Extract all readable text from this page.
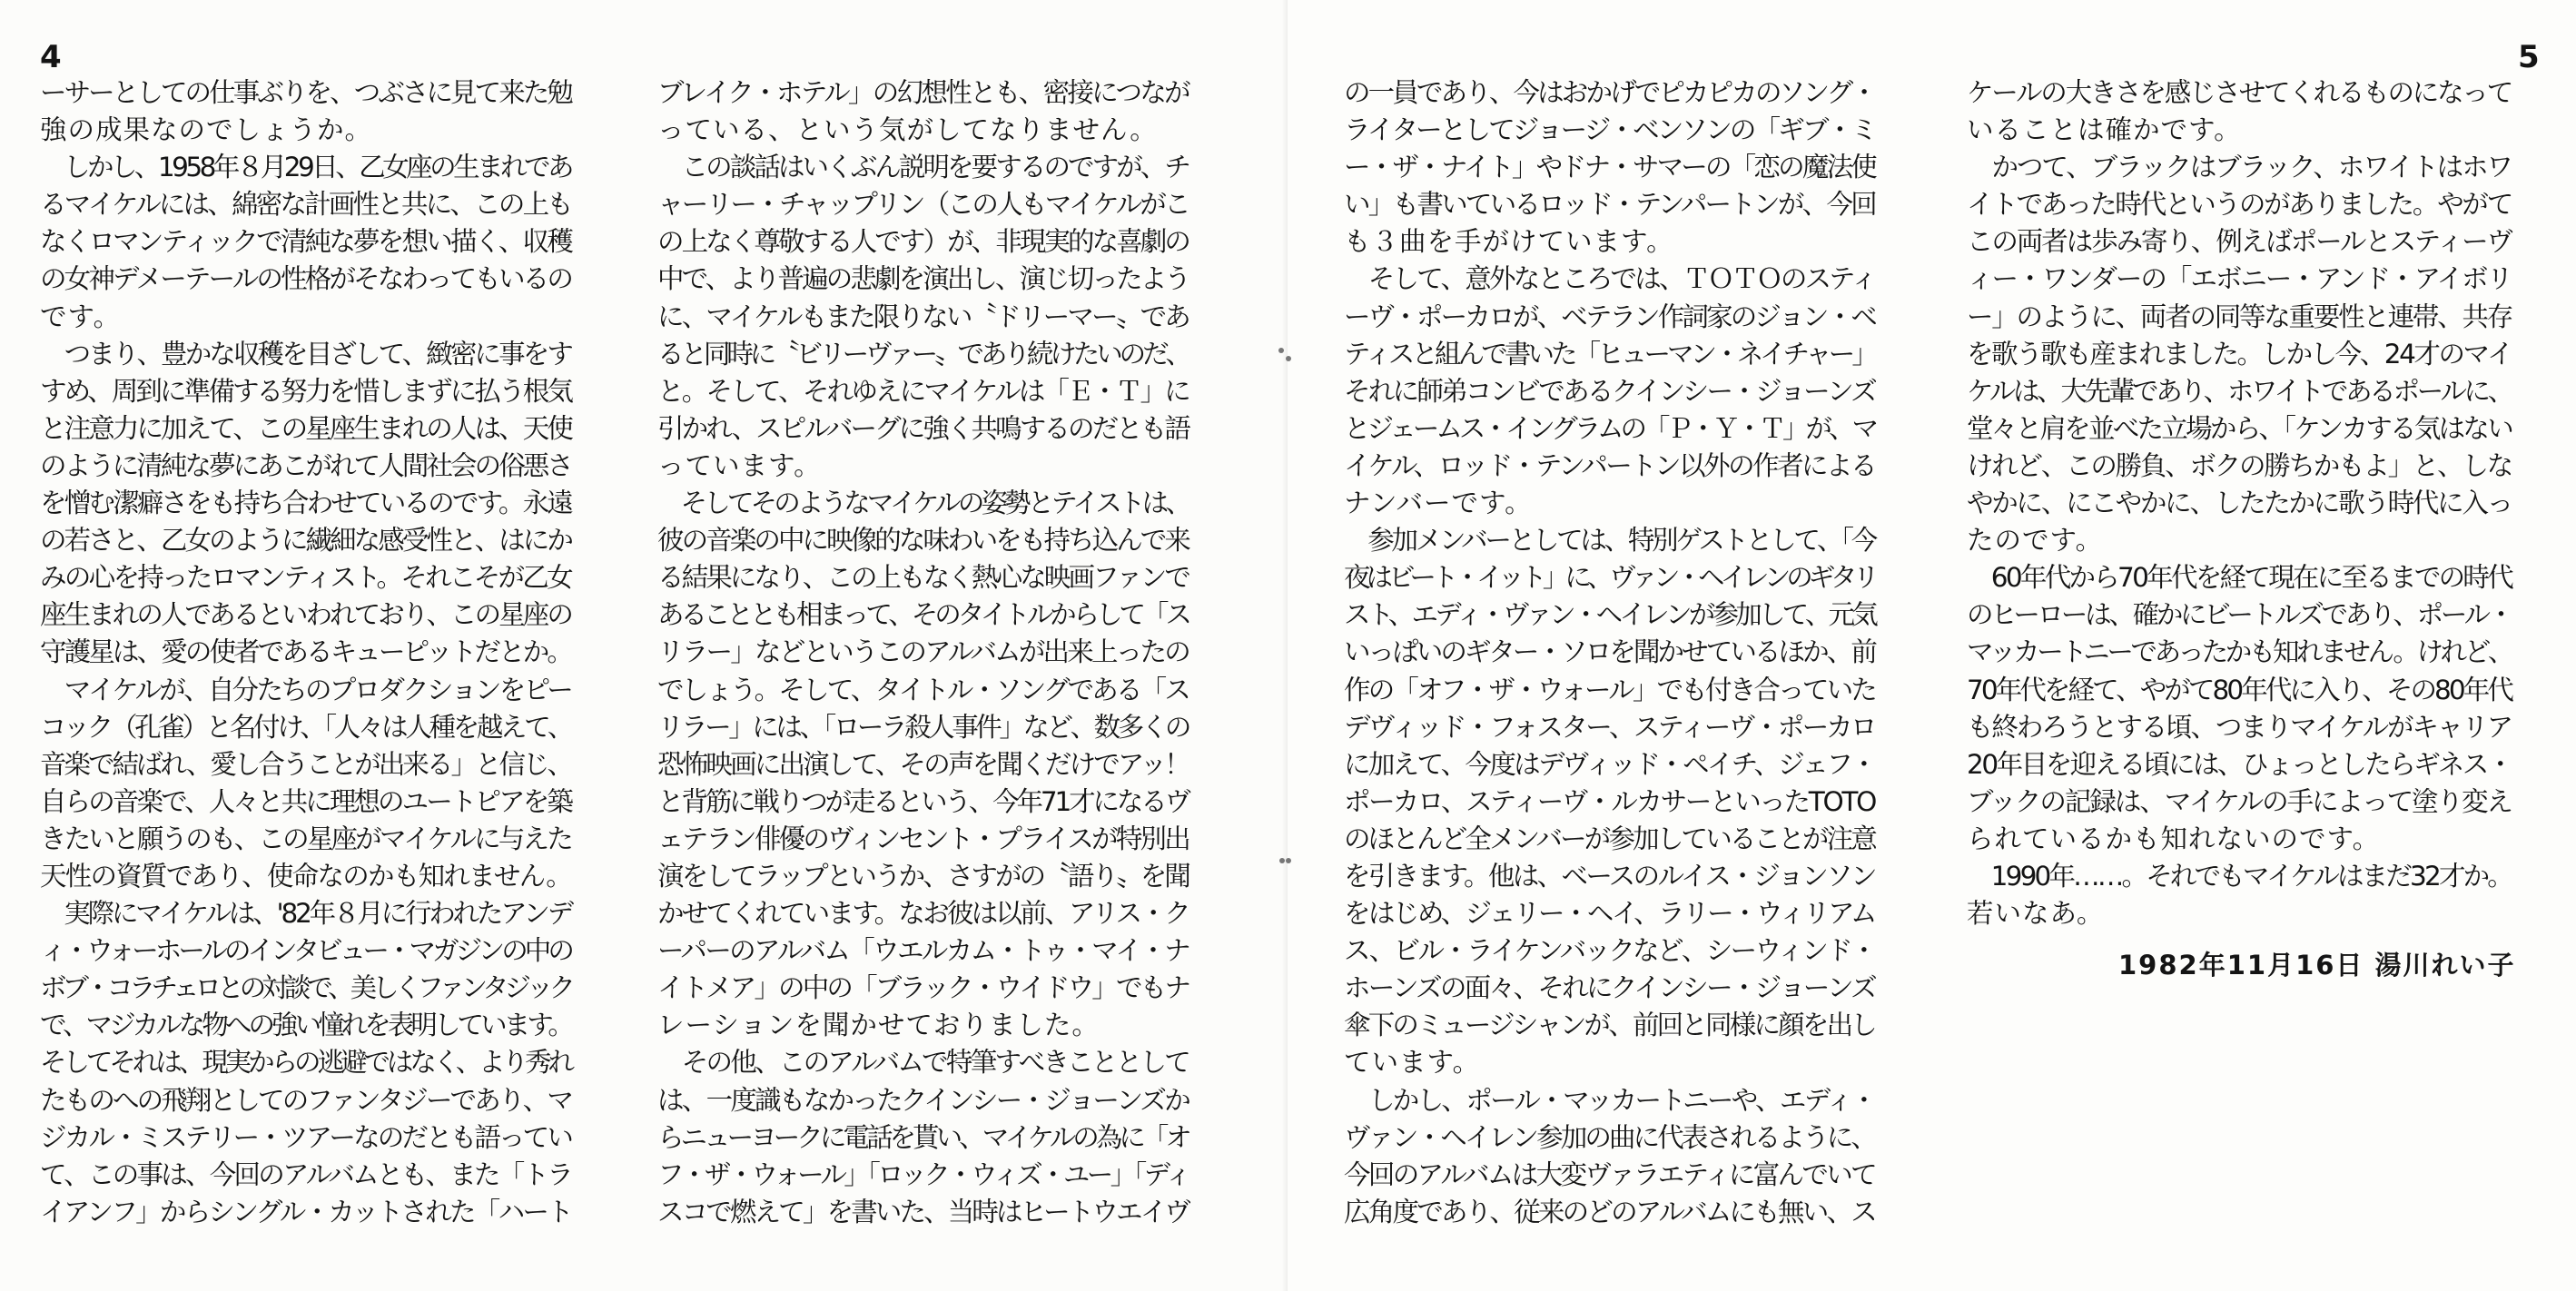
4
ーサーとしての仕事ぶりを、つぶさに見て来た勉
強の成果なのでしょうか。
　しかし、1958年８月29日、乙女座の生まれであ
るマイケルには、綿密な計画性と共に、この上も
なくロマンティックで清純な夢を想い描く、収穫
の女神デメーテールの性格がそなわってもいるの
です。
　つまり、豊かな収穫を目ざして、緻密に事をす
すめ、周到に準備する努力を惜しまずに払う根気
と注意力に加えて、この星座生まれの人は、天使
のように清純な夢にあこがれて人間社会の俗悪さ
を憎む潔癖さをも持ち合わせているのです。永遠
の若さと、乙女のように繊細な感受性と、はにか
みの心を持ったロマンティスト。それこそが乙女
座生まれの人であるといわれており、この星座の
守護星は、愛の使者であるキューピットだとか。
　マイケルが、自分たちのプロダクションをピー
コック（孔雀）と名付け、｢人々は人種を越えて、
音楽で結ばれ、愛し合うことが出来る」と信じ、
自らの音楽で、人々と共に理想のユートピアを築
きたいと願うのも、この星座がマイケルに与えた
天性の資質であり、使命なのかも知れません。
　実際にマイケルは、'82年８月に行われたアンデ
ィ・ウォーホールのインタビュー・マガジンの中の
ボブ・コラチェロとの対談で、美しくファンタジック
で、マジカルな物への強い憧れを表明しています。
そしてそれは、現実からの逃避ではなく、より秀れ
たものへの飛翔としてのファンタジーであり、マ
ジカル・ミステリー・ツアーなのだとも語ってい
て、この事は、今回のアルバムとも、また「トラ
イアンフ」からシングル・カットされた「ハート
ブレイク・ホテル」の幻想性とも、密接につなが
っている、という気がしてなりません。
　この談話はいくぶん説明を要するのですが、チ
ャーリー・チャップリン（この人もマイケルがこ
の上なく尊敬する人です）が、非現実的な喜劇の
中で、より普遍の悲劇を演出し、演じ切ったよう
に、マイケルもまた限りない〝ドリーマー〟であ
ると同時に〝ビリーヴァー〟であり続けたいのだ、
と。そして、それゆえにマイケルは「Ｅ・Ｔ」に
引かれ、スピルバーグに強く共鳴するのだとも語
っています。
　そしてそのようなマイケルの姿勢とテイストは、
彼の音楽の中に映像的な味わいをも持ち込んで来
る結果になり、この上もなく熱心な映画ファンで
あることとも相まって、そのタイトルからして「ス
リラー」などというこのアルバムが出来上ったの
でしょう。そして、タイトル・ソングである「ス
リラー」には、「ローラ殺人事件」など、数多くの
恐怖映画に出演して、その声を聞くだけでアッ！
と背筋に戦りつが走るという、今年71才になるヴ
ェテラン俳優のヴィンセント・プライスが特別出
演をしてラップというか、さすがの〝語り〟を聞
かせてくれています。なお彼は以前、アリス・ク
ーパーのアルバム「ウエルカム・トゥ・マイ・ナ
イトメア」の中の「ブラック・ウイドウ」でもナ
レーションを聞かせておりました。
　その他、このアルバムで特筆すべきこととして
は、一度識もなかったクインシー・ジョーンズか
らニューヨークに電話を貰い、マイケルの為に「オ
フ・ザ・ウォール」「ロック・ウィズ・ユー」「ディ
スコで燃えて」を書いた、当時はヒートウエイヴ
5
の一員であり、今はおかげでピカピカのソング・
ライターとしてジョージ・ベンソンの「ギブ・ミ
ー・ザ・ナイト」やドナ・サマーの「恋の魔法使
い」も書いているロッド・テンパートンが、今回
も３曲を手がけています。
　そして、意外なところでは、ＴＯＴＯのスティ
ーヴ・ポーカロが、ベテラン作詞家のジョン・ベ
ティスと組んで書いた「ヒューマン・ネイチャー」
それに師弟コンビであるクインシー・ジョーンズ
とジェームス・イングラムの「Ｐ・Ｙ・Ｔ」が、マ
イケル、ロッド・テンパートン以外の作者による
ナンバーです。
　参加メンバーとしては、特別ゲストとして、「今
夜はビート・イット」に、ヴァン・ヘイレンのギタリ
スト、エディ・ヴァン・ヘイレンが参加して、元気
いっぱいのギター・ソロを聞かせているほか、前
作の「オフ・ザ・ウォール」でも付き合っていた
デヴィッド・フォスター、スティーヴ・ポーカロ
に加えて、今度はデヴィッド・ペイチ、ジェフ・
ポーカロ、スティーヴ・ルカサーといったTOTO
のほとんど全メンバーが参加していることが注意
を引きます。他は、ベースのルイス・ジョンソン
をはじめ、ジェリー・ヘイ、ラリー・ウィリアム
ス、ビル・ライケンバックなど、シーウィンド・
ホーンズの面々、それにクインシー・ジョーンズ
傘下のミュージシャンが、前回と同様に顔を出し
ています。
　しかし、ポール・マッカートニーや、エディ・
ヴァン・ヘイレン参加の曲に代表されるように、
今回のアルバムは大変ヴァラエティに富んでいて
広角度であり、従来のどのアルバムにも無い、ス
ケールの大きさを感じさせてくれるものになって
いることは確かです。
　かつて、ブラックはブラック、ホワイトはホワ
イトであった時代というのがありました。やがて
この両者は歩み寄り、例えばポールとスティーヴ
ィー・ワンダーの「エボニー・アンド・アイボリ
ー」のように、両者の同等な重要性と連帯、共存
を歌う歌も産まれました。しかし今、24才のマイ
ケルは、大先輩であり、ホワイトであるポールに、
堂々と肩を並べた立場から、「ケンカする気はない
けれど、この勝負、ボクの勝ちかもよ」と、しな
やかに、にこやかに、したたかに歌う時代に入っ
たのです。
　60年代から70年代を経て現在に至るまでの時代
のヒーローは、確かにビートルズであり、ポール・
マッカートニーであったかも知れません。けれど、
70年代を経て、やがて80年代に入り、その80年代
も終わろうとする頃、つまりマイケルがキャリア
20年目を迎える頃には、ひょっとしたらギネス・
ブックの記録は、マイケルの手によって塗り変え
られているかも知れないのです。
　1990年……。それでもマイケルはまだ32才か。
若いなあ。
1982年11月16日 湯川れい子
